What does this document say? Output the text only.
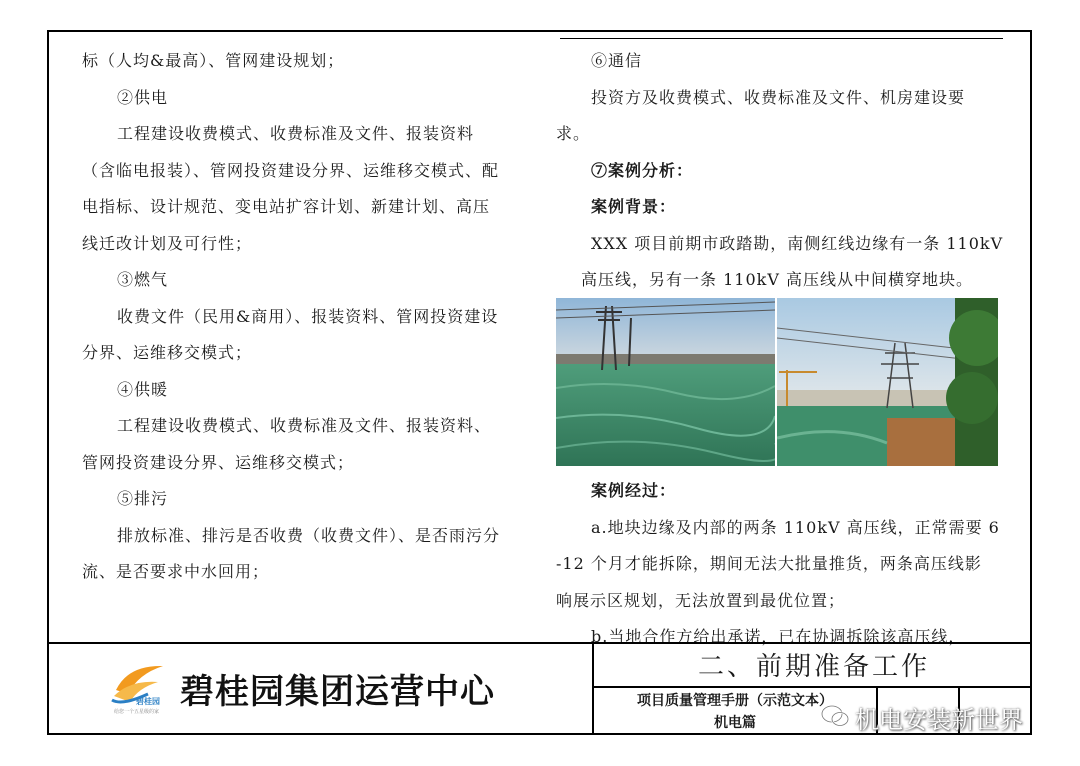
标（人均&最高）、管网建设规划；
②供电
工程建设收费模式、收费标准及文件、报装资料
（含临电报装）、管网投资建设分界、运维移交模式、配
电指标、设计规范、变电站扩容计划、新建计划、高压
线迁改计划及可行性；
③燃气
收费文件（民用&商用）、报装资料、管网投资建设
分界、运维移交模式；
④供暖
工程建设收费模式、收费标准及文件、报装资料、
管网投资建设分界、运维移交模式；
⑤排污
排放标准、排污是否收费（收费文件）、是否雨污分
流、是否要求中水回用；
⑥通信
投资方及收费模式、收费标准及文件、机房建设要
求。
⑦案例分析：
案例背景：
XXX 项目前期市政踏勘，南侧红线边缘有一条 110kV
高压线，另有一条 110kV 高压线从中间横穿地块。
案例经过：
a.地块边缘及内部的两条 110kV 高压线，正常需要 6
-12 个月才能拆除，期间无法大批量推货，两条高压线影
响展示区规划，无法放置到最优位置；
b.当地合作方给出承诺，已在协调拆除该高压线，
碧桂园
给您一个五星级的家 碧桂园集团运营中心
二、前期准备工作
项目质量管理手册（示范文本）
机电篇	机电安装新世界
